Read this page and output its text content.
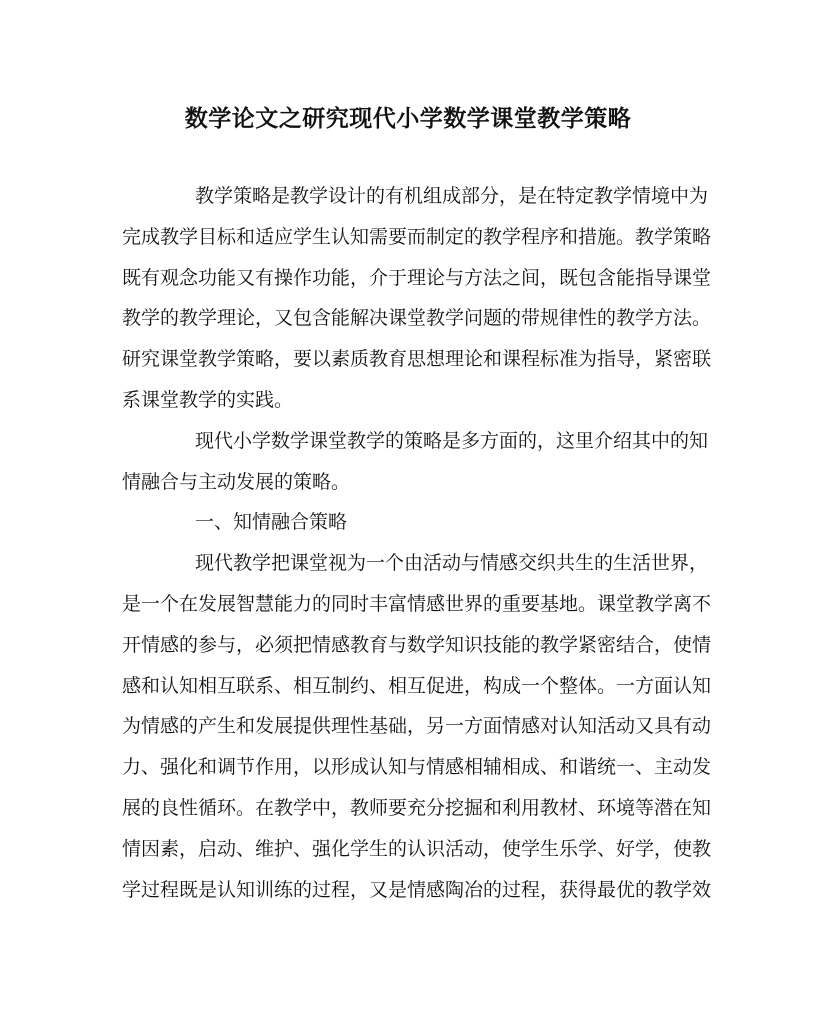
数学论文之研究现代小学数学课堂教学策略
教学策略是教学设计的有机组成部分，是在特定教学情境中为
完成教学目标和适应学生认知需要而制定的教学程序和措施。教学策略
既有观念功能又有操作功能，介于理论与方法之间，既包含能指导课堂
教学的教学理论，又包含能解决课堂教学问题的带规律性的教学方法。
研究课堂教学策略，要以素质教育思想理论和课程标准为指导，紧密联
系课堂教学的实践。
现代小学数学课堂教学的策略是多方面的，这里介绍其中的知
情融合与主动发展的策略。
一、知情融合策略
现代教学把课堂视为一个由活动与情感交织共生的生活世界，
是一个在发展智慧能力的同时丰富情感世界的重要基地。课堂教学离不
开情感的参与，必须把情感教育与数学知识技能的教学紧密结合，使情
感和认知相互联系、相互制约、相互促进，构成一个整体。一方面认知
为情感的产生和发展提供理性基础，另一方面情感对认知活动又具有动
力、强化和调节作用，以形成认知与情感相辅相成、和谐统一、主动发
展的良性循环。在教学中，教师要充分挖掘和利用教材、环境等潜在知
情因素，启动、维护、强化学生的认识活动，使学生乐学、好学，使教
学过程既是认知训练的过程，又是情感陶冶的过程，获得最优的教学效
